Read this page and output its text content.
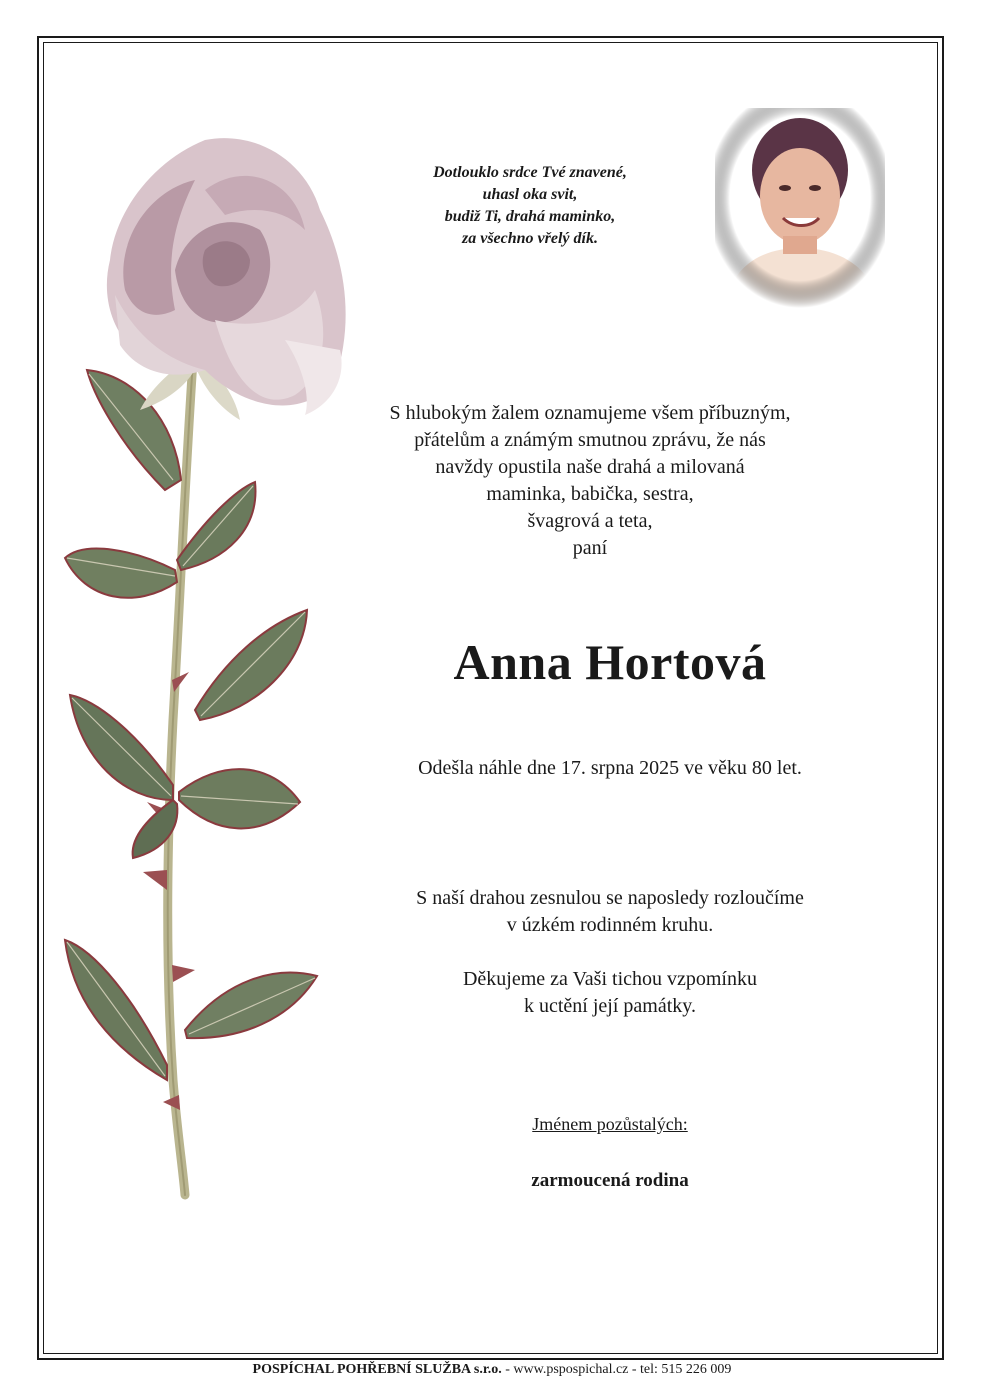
Dotlouklo srdce Tvé znavené,
uhasl oka svit,
budiž Ti, drahá maminko,
za všechno vřelý dík.
S hlubokým žalem oznamujeme všem příbuzným,
přátelům a známým smutnou zprávu, že nás
navždy opustila naše drahá a milovaná
maminka, babička, sestra,
švagrová a teta,
paní
Anna Hortová
Odešla náhle dne 17. srpna 2025 ve věku 80 let.
S naší drahou zesnulou se naposledy rozloučíme
v úzkém rodinném kruhu.
Děkujeme za Vaši tichou vzpomínku
k uctění její památky.
Jménem pozůstalých:
zarmoucená rodina
POSPÍCHAL POHŘEBNÍ SLUŽBA s.r.o. - www.pspospichal.cz - tel: 515 226 009
